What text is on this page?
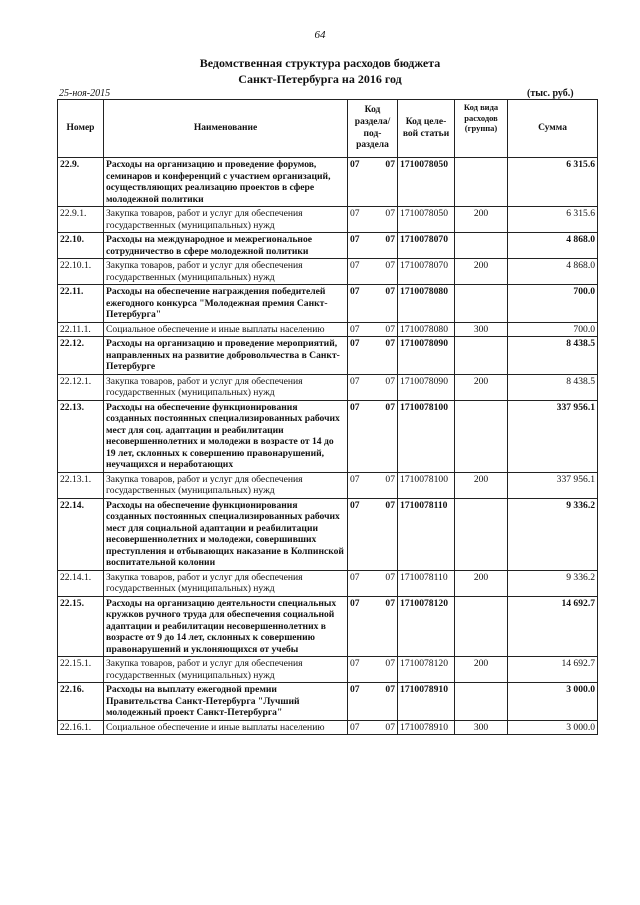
64
Ведомственная структура расходов бюджета
Санкт-Петербурга на 2016 год
25-ноя-2015	(тыс. руб.)
Номер	Наименование	Код раздела/ под-раздела		Код целе-вой статьи	Код вида расходов (группа)	Сумма
22.9.	Расходы на организацию и проведение форумов, семинаров и конференций с участием организаций, осуществляющих реализацию проектов в сфере молодежной политики	07	07	1710078050		6 315.6
22.9.1.	Закупка товаров, работ и услуг для обеспечения государственных (муниципальных) нужд	07	07	1710078050	200	6 315.6
22.10.	Расходы на международное и межрегиональное сотрудничество в сфере молодежной политики	07	07	1710078070		4 868.0
22.10.1.	Закупка товаров, работ и услуг для обеспечения государственных (муниципальных) нужд	07	07	1710078070	200	4 868.0
22.11.	Расходы на обеспечение награждения победителей ежегодного конкурса "Молодежная премия Санкт-Петербурга"	07	07	1710078080		700.0
22.11.1.	Социальное обеспечение и иные выплаты населению	07	07	1710078080	300	700.0
22.12.	Расходы на организацию и проведение мероприятий, направленных на развитие добровольчества в Санкт-Петербурге	07	07	1710078090		8 438.5
22.12.1.	Закупка товаров, работ и услуг для обеспечения государственных (муниципальных) нужд	07	07	1710078090	200	8 438.5
22.13.	Расходы на обеспечение функционирования созданных постоянных специализированных рабочих мест для соц. адаптации и реабилитации несовершеннолетних и молодежи в возрасте от 14 до 19 лет, склонных к совершению правонарушений, неучащихся и неработающих	07	07	1710078100		337 956.1
22.13.1.	Закупка товаров, работ и услуг для обеспечения государственных (муниципальных) нужд	07	07	1710078100	200	337 956.1
22.14.	Расходы на обеспечение функционирования созданных постоянных специализированных рабочих мест для социальной адаптации и реабилитации несовершеннолетних и молодежи, совершивших преступления и отбывающих наказание в Колпинской воспитательной колонии	07	07	1710078110		9 336.2
22.14.1.	Закупка товаров, работ и услуг для обеспечения государственных (муниципальных) нужд	07	07	1710078110	200	9 336.2
22.15.	Расходы на организацию деятельности специальных кружков ручного труда для обеспечения социальной адаптации и реабилитации несовершеннолетних в возрасте от 9 до 14 лет, склонных к совершению правонарушений и уклоняющихся от учебы	07	07	1710078120		14 692.7
22.15.1.	Закупка товаров, работ и услуг для обеспечения государственных (муниципальных) нужд	07	07	1710078120	200	14 692.7
22.16.	Расходы на выплату ежегодной премии Правительства Санкт-Петербурга "Лучший молодежный проект Санкт-Петербурга"	07	07	1710078910		3 000.0
22.16.1.	Социальное обеспечение и иные выплаты населению	07	07	1710078910	300	3 000.0
